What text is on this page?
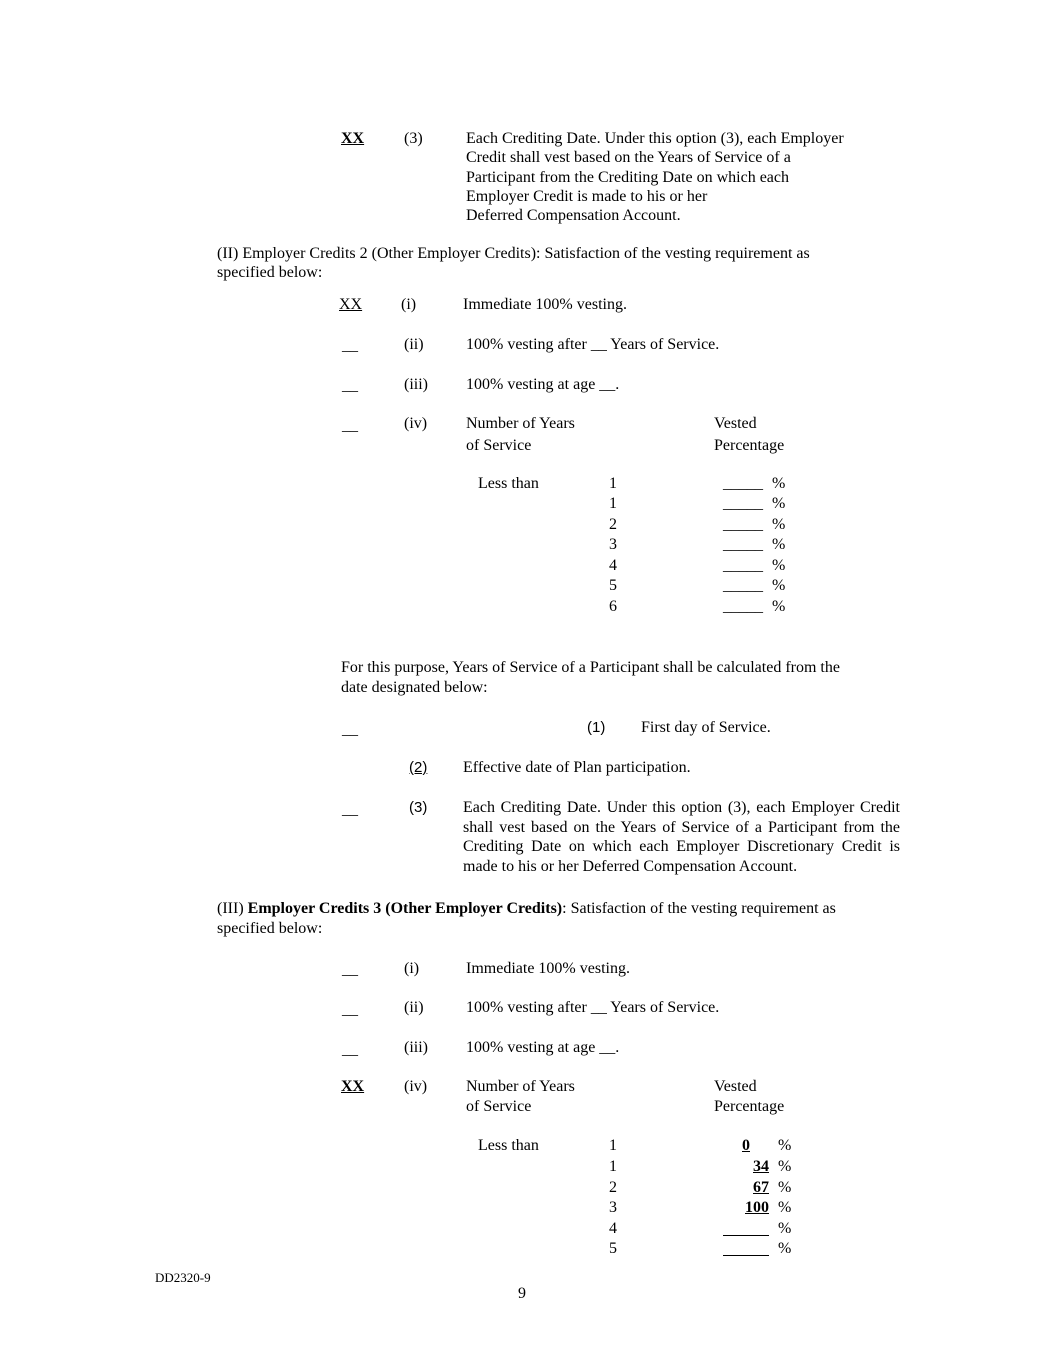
XX (3)	Each Crediting Date. Under this option (3), each Employer
Credit shall vest based on the Years of Service of a
Participant from the Crediting Date on which each
Employer Credit is made to his or her
Deferred Compensation Account.
(II) Employer Credits 2 (Other Employer Credits): Satisfaction of the vesting requirement as
specified below:
XX (i)	Immediate 100% vesting.
__	(ii)	100% vesting after __ Years of Service.
__	(iii) 100% vesting at age __.
__	(iv) Number of Years
of Service
Vested
Percentage
Less than	1	_____ %
1	_____ %
2	_____ %
3	_____ %
4	_____ %
5	_____ %
6	_____ %
For this purpose, Years of Service of a Participant shall be calculated from the
date designated below:
__	(1) First day of Service.
(2) Effective date of Plan participation.
__	(3) Each Crediting Date. Under this option (3), each Employer Credit shall vest based on the Years of Service of a Participant from the Crediting Date on which each Employer Discretionary Credit is made to his or her Deferred Compensation Account.
(III) Employer Credits 3 (Other Employer Credits): Satisfaction of the vesting requirement as
specified below:
__	(i)	Immediate 100% vesting.
__	(ii)	100% vesting after __ Years of Service.
__	(iii) 100% vesting at age __.
XX (iv) Number of Years
of Service
Vested
Percentage
Less than	1	0	%
1	34 %
2	67 %
3	100 %
4	%
5	%
DD2320-9
9
